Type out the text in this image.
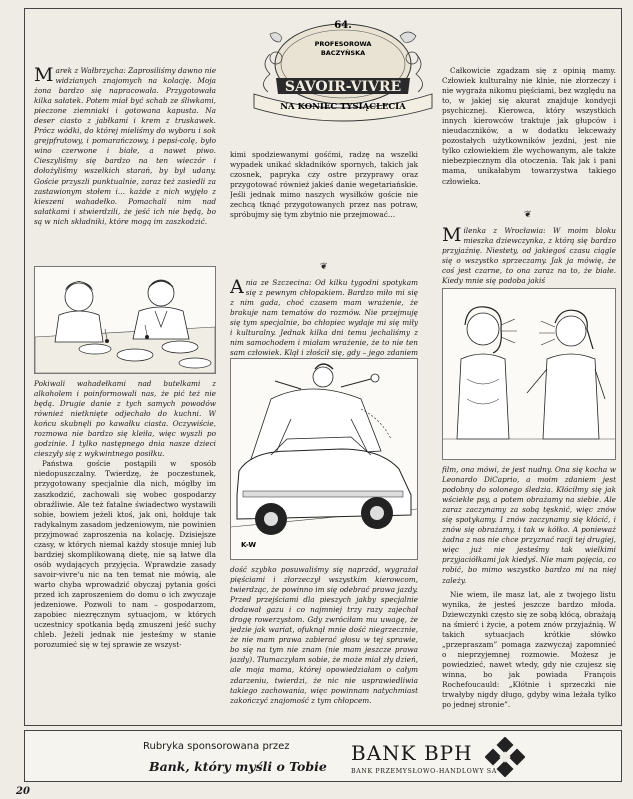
64.
PROFESOROWA
BACZYŃSKA
SAVOIR-VIVRE
NA KONIEC TYSIĄCLECIA
Marek z Wałbrzycha: Zaprosiliśmy dawno nie widzianych znajomych na kolację. Moja żona bardzo się napracowała. Przygotowała kilka sałatek. Potem miał być schab ze śliwkami, pieczone ziemniaki i gotowana kapusta. Na deser ciasto z jabłkami i krem z truskawek. Prócz wódki, do której mieliśmy do wyboru i sok grejpfrutowy, i pomarańczowy, i pepsi-colę, było wino czerwone i białe, a nawet piwo. Cieszyliśmy się bardzo na ten wieczór i dołożyliśmy wszelkich starań, by był udany. Goście przyszli punktualnie, zaraz też zasiedli za zastawionym stołem i… każde z nich wyjęło z kieszeni wahadełko. Pomachali nim nad sałatkami i stwierdzili, że jeść ich nie będą, bo są w nich składniki, które mogą im zaszkodzić.

Pokiwali wahadełkami nad butelkami z alkoholem i poinformowali nas, że pić też nie będą. Drugie danie z tych samych powodów również nietknięte odjechało do kuchni. W końcu skubnęli po kawałku ciasta. Oczywiście, rozmowa nie bardzo się kleiła, więc wyszli po godzinie. I tylko następnego dnia nasze dzieci cieszyły się z wykwintnego posiłku.

Państwa goście postąpili w sposób niedopuszczalny. Twierdzę, że poczestunek, przygotowany specjalnie dla nich, mógłby im zaszkodzić, zachowali się wobec gospodarzy obraźliwie. Ale też fatalne świadectwo wystawili sobie, bowiem jeżeli ktoś, jak oni, hołduje tak radykalnym zasadom jedzeniowym, nie powinien przyjmować zaproszenia na kolację. Dzisiejsze czasy, w których niemal każdy stosuje mniej lub bardziej skomplikowaną dietę, nie są łatwe dla osób wydających przyjęcia. Wprawdzie zasady savoir-vivre'u nic na ten temat nie mówią, ale warto chyba wprowadzić obyczaj pytania gości przed ich zaproszeniem do domu o ich zwyczaje jedzeniowe. Pozwoli to nam – gospodarzom, zapobiec niezręcznym sytuacjom, w których uczestnicy spotkania będą zmuszeni jeść suchy chleb. Jeżeli jednak nie jesteśmy w stanie porozumieć się w tej sprawie ze wszyst-

kimi spodziewanymi gośćmi, radzę na wszelki wypadek unikać składników spornych, takich jak czosnek, papryka czy ostre przyprawy oraz przygotować również jakieś danie wegetariańskie. Jeśli jednak mimo naszych wysiłków goście nie zechcą tknąć przygotowanych przez nas potraw, spróbujmy się tym zbytnio nie przejmować…

❦
Ania ze Szczecina: Od kilku tygodni spotykam się z pewnym chłopakiem. Bardzo miło mi się z nim gada, choć czasem mam wrażenie, że brakuje nam tematów do rozmów. Nie przejmuję się tym specjalnie, bo chłopiec wydaje mi się miły i kulturalny. Jednak kilka dni temu jechaliśmy z nim samochodem i miałam wrażenie, że to nie ten sam człowiek. Klął i złościł się, gdy – jego zdaniem
K-W

dość szybko posuwaliśmy się naprzód, wygrażał pięściami i złorzeczył wszystkim kierowcom, twierdząc, że powinno im się odebrać prawa jazdy. Przed przejściami dla pieszych jakby specjalnie dodawał gazu i co najmniej trzy razy zajechał drogę rowerzystom. Gdy zwróciłam mu uwagę, że jedzie jak wariat, ofuknął mnie dość niegrzecznie, że nie mam prawa zabierać głosu w tej sprawie, bo się na tym nie znam (nie mam jeszcze prawa jazdy). Tłumaczyłam sobie, że może miał zły dzień, ale moja mama, której opowiedziałam o całym zdarzeniu, twierdzi, że nic nie usprawiedliwia takiego zachowania, więc powinnam natychmiast zakończyć znajomość z tym chłopcem.

Całkowicie zgadzam się z opinią mamy. Człowiek kulturalny nie klnie, nie złorzeczy i nie wygraża nikomu pięściami, bez względu na to, w jakiej się akurat znajduje kondycji psychicznej. Kierowca, który wszystkich innych kierowców traktuje jak głupców i nieudaczników, a w dodatku lekceważy pozostałych użytkowników jezdni, jest nie tylko człowiekiem źle wychowanym, ale także niebezpiecznym dla otoczenia. Tak jak i pani mama, unikałabym towarzystwa takiego człowieka.

❦
Milenka z Wrocławia: W moim bloku mieszka dziewczynka, z którą się bardzo przyjaźnię. Niestety, od jakiegoś czasu ciągle się o wszystko sprzeczamy. Jak ja mówię, że coś jest czarne, to ona zaraz na to, że białe. Kiedy mnie się podoba jakiś

film, ona mówi, że jest nudny. Ona się kocha w Leonardo DiCaprio, a moim zdaniem jest podobny do solonego śledzia. Kłóciłmy się jak wściekłe psy, a potem obrażamy na siebie. Ale zaraz zaczynamy za sobą tęsknić, więc znów się spotykamy. I znów zaczynamy się kłócić, i znów się obrażamy, i tak w kółko. A ponieważ żadna z nas nie chce przyznać racji tej drugiej, więc już nie jesteśmy tak wielkimi przyjaciółkami jak kiedyś. Nie mam pojęcia, co robić, bo mimo wszystko bardzo mi na niej zależy.

Nie wiem, ile masz lat, ale z twojego listu wynika, że jesteś jeszcze bardzo młoda. Dziewczynki często się ze sobą kłócą, obrażają na śmierć i życie, a potem znów przyjaźnią. W takich sytuacjach krótkie słówko „przepraszam” pomaga zazwyczaj zapomnieć o nieprzyjemnej rozmowie. Możesz je powiedzieć, nawet wtedy, gdy nie czujesz się winna, bo jak powiada François Rochefoucauld: „Kłótnie i sprzeczki nie trwałyby nigdy długo, gdyby wina leżała tylko po jednej stronie”.

Rubryka sponsorowana przez
Bank, który myśli o Tobie
BANK BPH
BANK PRZEMYSŁOWO-HANDLOWY SA
20
